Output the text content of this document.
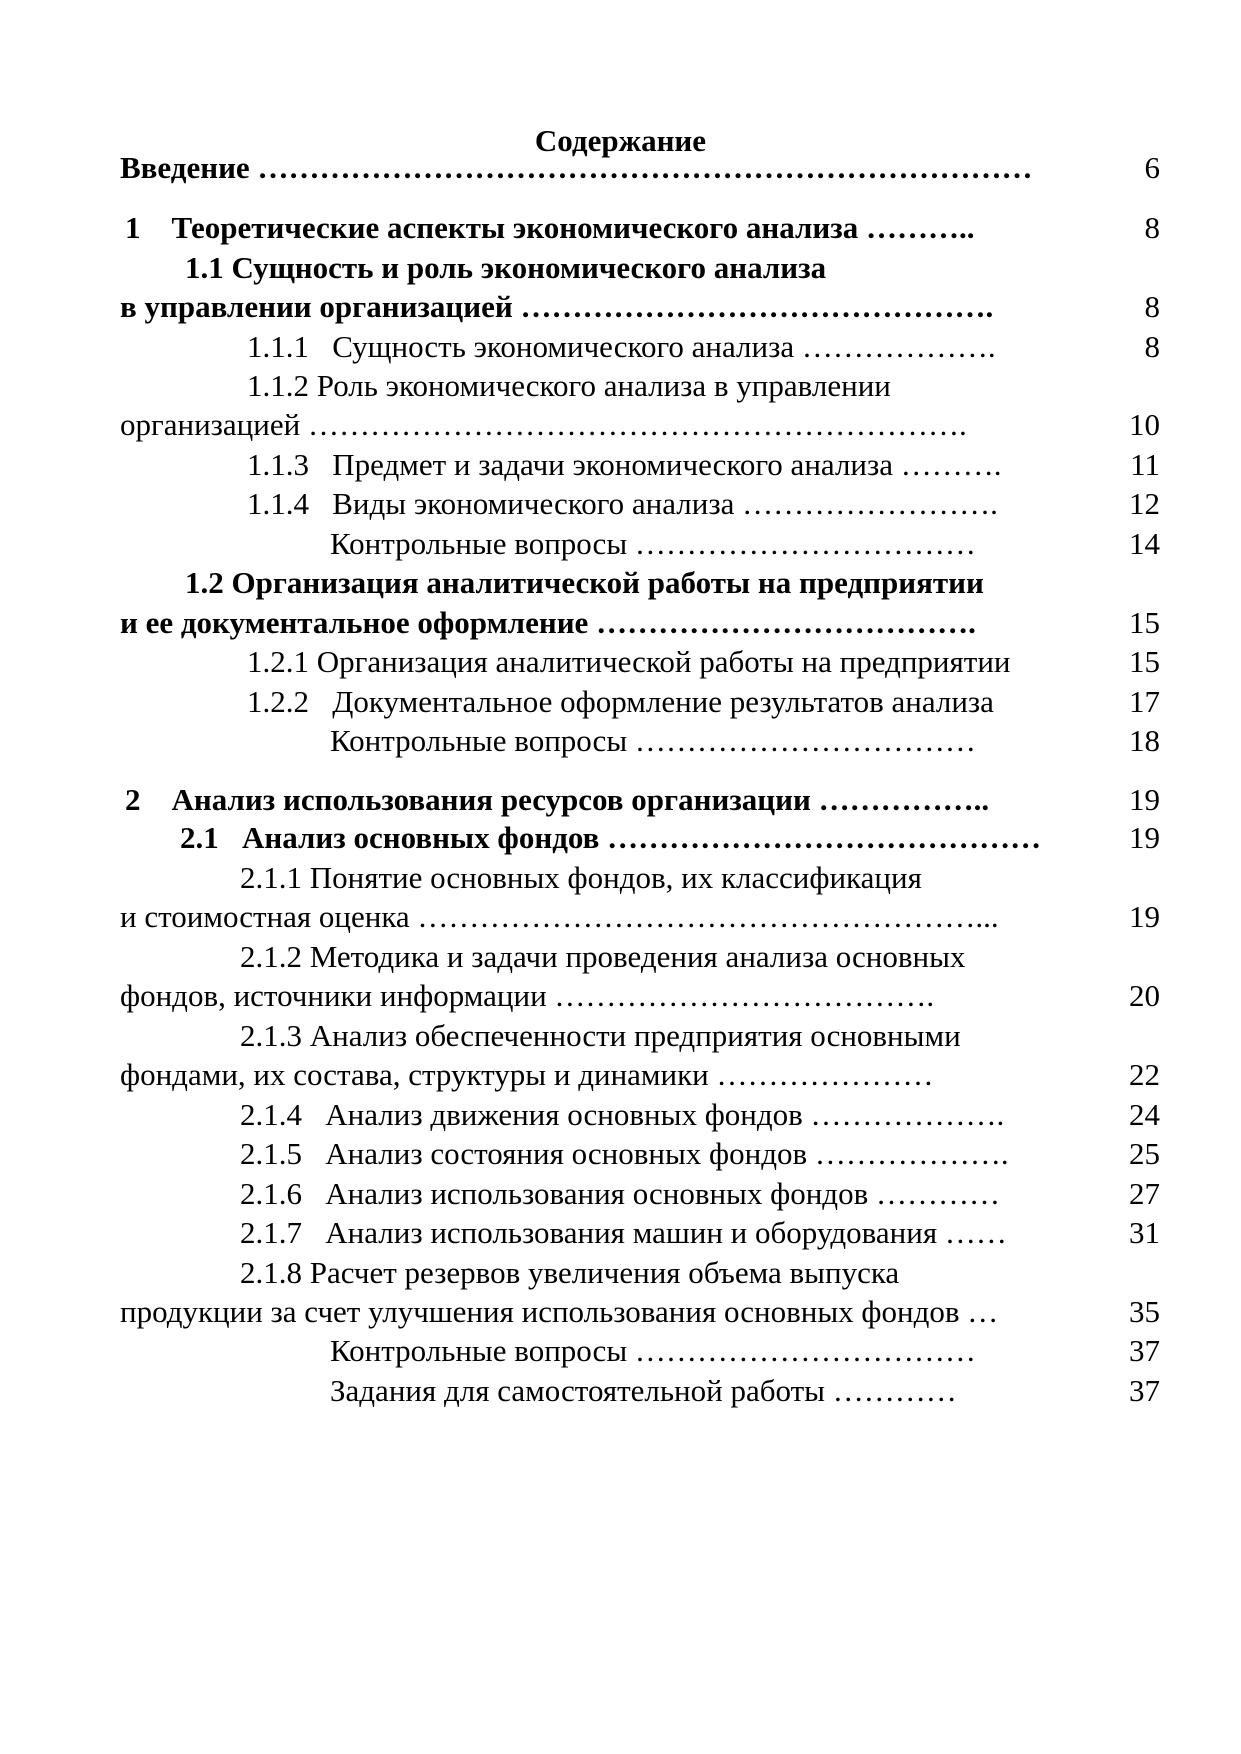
Содержание
Введение …………………………………………………………………	6
1    Теоретические аспекты экономического анализа ………..	8
1.1 Сущность и роль экономического анализа
в управлении организацией ……………………………………….	8
1.1.1   Сущность экономического анализа ……………….	8
1.1.2 Роль экономического анализа в управлении
организацией ……………………………………………………….	10
1.1.3   Предмет и задачи экономического анализа ……….	11
1.1.4   Виды экономического анализа …………………….	12
Контрольные вопросы ……………………………	14
1.2 Организация аналитической работы на предприятии
и ее документальное оформление ……………………………….	15
1.2.1 Организация аналитической работы на предприятии	15
1.2.2   Документальное оформление результатов анализа	17
Контрольные вопросы ……………………………	18
2    Анализ использования ресурсов организации ……………..	19
2.1   Анализ основных фондов ……………………………………	19
2.1.1 Понятие основных фондов, их классификация
и стоимостная оценка ………………………………………………...	19
2.1.2 Методика и задачи проведения анализа основных
фондов, источники информации ……………………………….	20
2.1.3 Анализ обеспеченности предприятия основными
фондами, их состава, структуры и динамики …………………	22
2.1.4   Анализ движения основных фондов ……………….	24
2.1.5   Анализ состояния основных фондов ……………….	25
2.1.6   Анализ использования основных фондов …………	27
2.1.7   Анализ использования машин и оборудования ……	31
2.1.8 Расчет резервов увеличения объема выпуска
продукции за счет улучшения использования основных фондов …	35
Контрольные вопросы ……………………………	37
Задания для самостоятельной работы …………	37
